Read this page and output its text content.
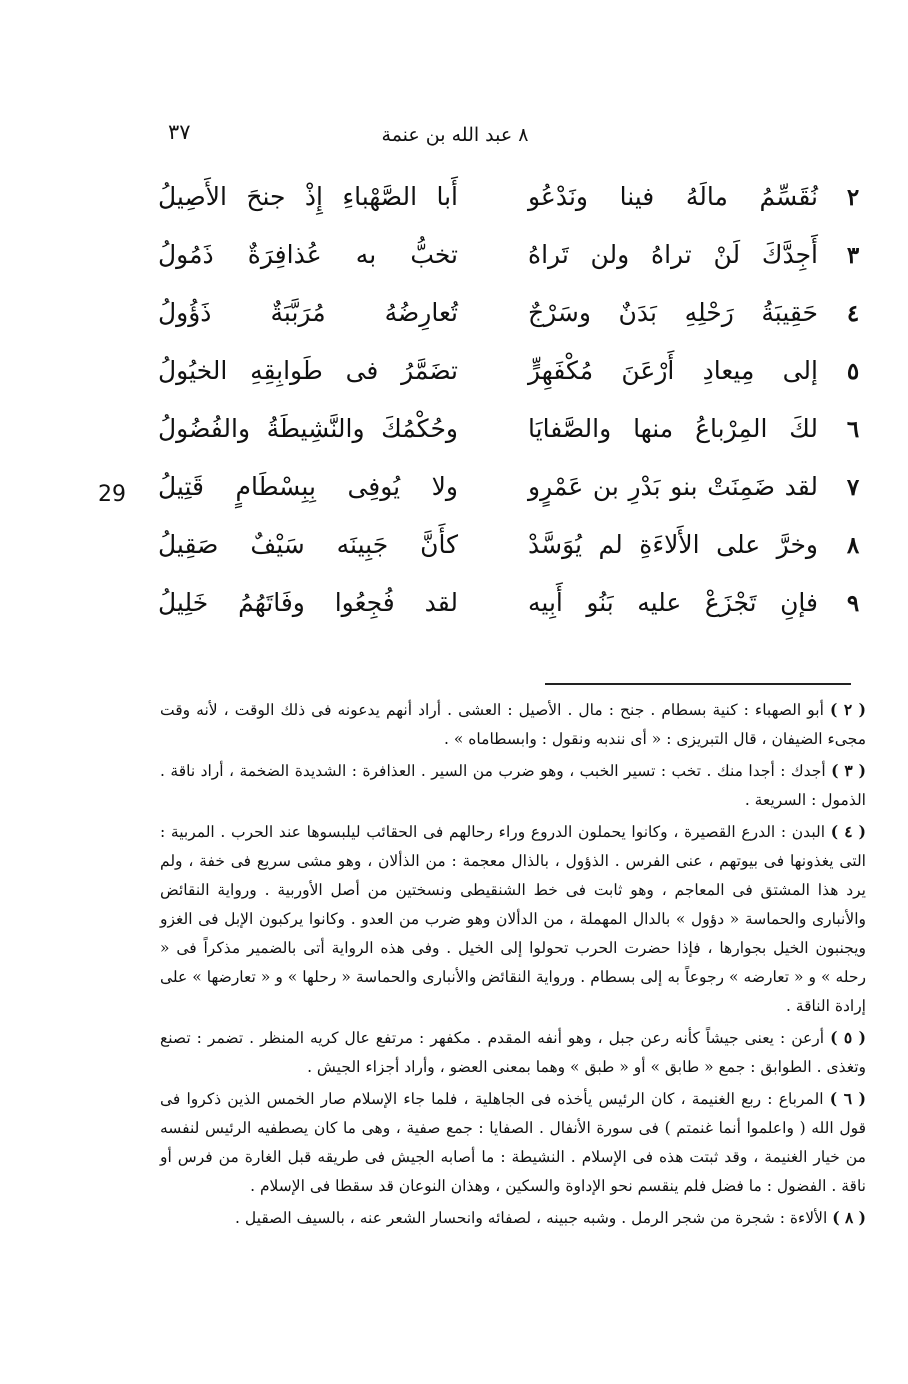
٨ عبد الله بن عنمة
٣٧
29
٢
نُقَسِّمُ مالَهُ فينا ونَدْعُو
أَبا الصَّهْباءِ إِذْ جنحَ الأَصِيلُ
٣
أَجِدَّكَ لَنْ تراهُ ولن تَراهُ
تخبُّ به عُذافِرَةٌ ذَمُولُ
٤
حَقِيبَةُ رَحْلِهِ بَدَنٌ وسَرْجٌ
تُعارِضُهُ مُرَبَّبَةٌ ذَؤُولُ
٥
إلى مِيعادِ أَرْعَنَ مُكْفَهِرٍّ
تضَمَّرُ فى طَوابِقِهِ الخيُولُ
٦
لكَ المِرْباعُ منها والصَّفايَا
وحُكْمُكَ والنَّشِيطَةُ والفُضُولُ
٧
لقد ضَمِنَتْ بنو بَدْرِ بن عَمْرٍو
ولا يُوفِى بِبِسْطَامٍ قَتِيلُ
٨
وخرَّ على الأَلاءَةِ لم يُوَسَّدْ
كأَنَّ جَبِينَه سَيْفٌ صَقِيلُ
٩
فإنِ تَجْزَعْ عليه بَنُو أَبِيه
لقد فُجِعُوا وفَاتَهُمُ خَلِيلُ

( ٢ ) أبو الصهباء : كنية بسطام . جنح : مال . الأصيل : العشى . أراد أنهم يدعونه فى ذلك الوقت ، لأنه وقت مجىء الضيفان ، قال التبريزى : « أى نندبه ونقول : وابسطاماه » .

( ٣ ) أجدك : أجدا منك . تخب : تسير الخبب ، وهو ضرب من السير . العذافرة : الشديدة الضخمة ، أراد ناقة . الذمول : السريعة .

( ٤ ) البدن : الدرع القصيرة ، وكانوا يحملون الدروع وراء رحالهم فى الحقائب ليلبسوها عند الحرب . المربية : التى يغذونها فى بيوتهم ، عنى الفرس . الذؤول ، بالذال معجمة : من الذألان ، وهو مشى سريع فى خفة ، ولم يرد هذا المشتق فى المعاجم ، وهو ثابت فى خط الشنقيطى ونسختين من أصل الأوربية . ورواية النقائض والأنبارى والحماسة « دؤول » بالدال المهملة ، من الدألان وهو ضرب من العدو . وكانوا يركبون الإبل فى الغزو ويجنبون الخيل بجوارها ، فإذا حضرت الحرب تحولوا إلى الخيل . وفى هذه الرواية أتى بالضمير مذكراً فى « رحله » و « تعارضه » رجوعاً به إلى بسطام . ورواية النقائض والأنبارى والحماسة « رحلها » و « تعارضها » على إرادة الناقة .

( ٥ ) أرعن : يعنى جيشاً كأنه رعن جبل ، وهو أنفه المقدم . مكفهر : مرتفع عال كريه المنظر . تضمر : تصنع وتغذى . الطوابق : جمع « طابق » أو « طبق » وهما بمعنى العضو ، وأراد أجزاء الجيش .

( ٦ ) المرباع : ربع الغنيمة ، كان الرئيس يأخذه فى الجاهلية ، فلما جاء الإسلام صار الخمس الذين ذكروا فى قول الله ( واعلموا أنما غنمتم ) فى سورة الأنفال . الصفايا : جمع صفية ، وهى ما كان يصطفيه الرئيس لنفسه من خيار الغنيمة ، وقد ثبتت هذه فى الإسلام . النشيطة : ما أصابه الجيش فى طريقه قبل الغارة من فرس أو ناقة . الفضول : ما فضل فلم ينقسم نحو الإداوة والسكين ، وهذان النوعان قد سقطا فى الإسلام .

( ٨ ) الألاءة : شجرة من شجر الرمل . وشبه جبينه ، لصفائه وانحسار الشعر عنه ، بالسيف الصقيل .
